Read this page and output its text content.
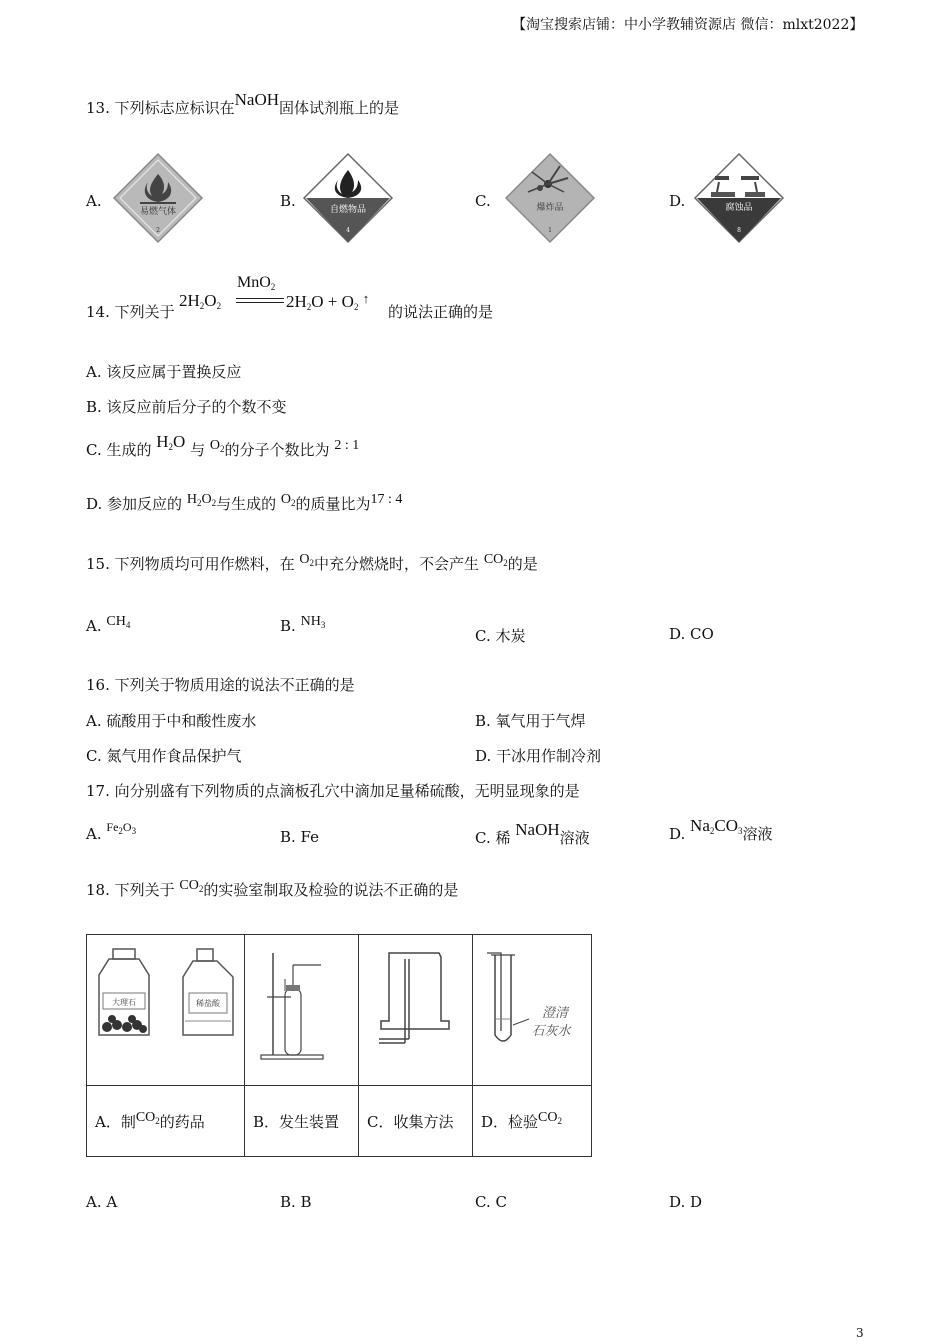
【淘宝搜索店铺：中小学教辅资源店 微信：mlxt2022】
13. 下列标志应标识在NaOH固体试剂瓶上的是
A.
易燃气体
2
B.	自燃物品
4
C.	爆炸品
1
D.	腐蚀品
8
14. 下列关于
$2H_2O_2$
MnO$_2$
$2H_2O + O_2$ ↑
的说法正确的是
A. 该反应属于置换反应
B. 该反应前后分子的个数不变
C. 生成的 $H_2O$ 与 $O_2$的分子个数比为 2 : 1
D. 参加反应的 $H_2O_2$与生成的 $O_2$的质量比为17 : 4
15. 下列物质均可用作燃料，在 $O_2$中充分燃烧时，不会产生 $CO_2$的是
A. $CH_4$	B. $NH_3$
C. 木炭	D. CO
16. 下列关于物质用途的说法不正确的是
A. 硫酸用于中和酸性废水	B. 氧气用于气焊
C. 氮气用作食品保护气	D. 干冰用作制冷剂
17. 向分别盛有下列物质的点滴板孔穴中滴加足量稀硫酸，无明显现象的是
A. $^{Fe_2O_3}$	B. Fe	C. 稀 NaOH溶液	D. $Na_2CO_3$溶液
18. 下列关于 $CO_2$的实验室制取及检验的说法不正确的是
大理石 稀盐酸			澄清
石灰水

A．制$CO_2$的药品	B．发生装置	C．收集方法	D．检验$CO_2$
A. A	B. B	C. C	D. D
3
